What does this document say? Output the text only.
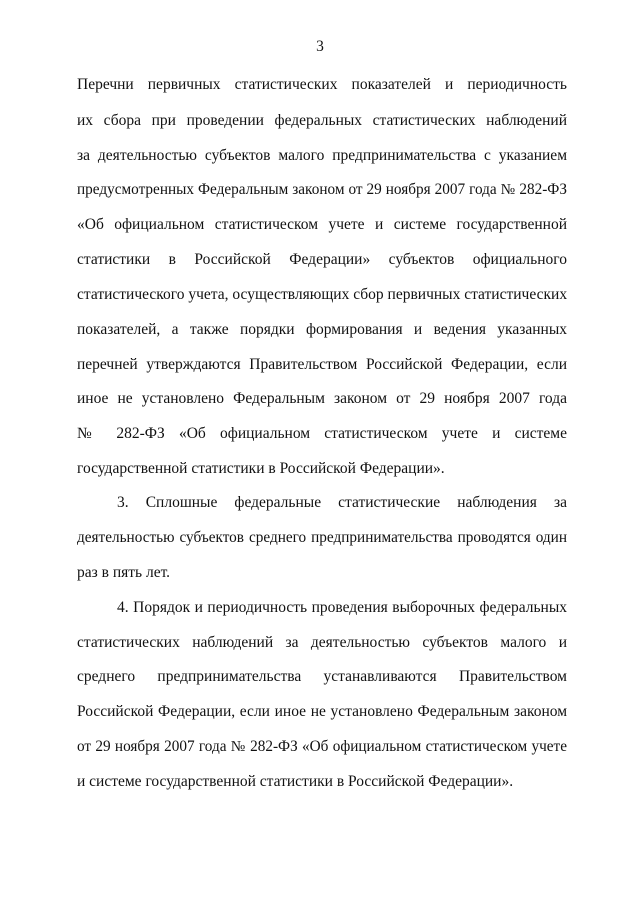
3
Перечни первичных статистических показателей и периодичность
их сбора при проведении федеральных статистических наблюдений
за деятельностью субъектов малого предпринимательства с указанием
предусмотренных Федеральным законом от 29 ноября 2007 года № 282-ФЗ
«Об официальном статистическом учете и системе государственной
статистики в Российской Федерации» субъектов официального
статистического учета, осуществляющих сбор первичных статистических
показателей, а также порядки формирования и ведения указанных
перечней утверждаются Правительством Российской Федерации, если
иное не установлено Федеральным законом от 29 ноября 2007 года
№ 282-ФЗ «Об официальном статистическом учете и системе
государственной статистики в Российской Федерации».
3. Сплошные федеральные статистические наблюдения за
деятельностью субъектов среднего предпринимательства проводятся один
раз в пять лет.
4. Порядок и периодичность проведения выборочных федеральных
статистических наблюдений за деятельностью субъектов малого и
среднего предпринимательства устанавливаются Правительством
Российской Федерации, если иное не установлено Федеральным законом
от 29 ноября 2007 года № 282-ФЗ «Об официальном статистическом учете
и системе государственной статистики в Российской Федерации».
